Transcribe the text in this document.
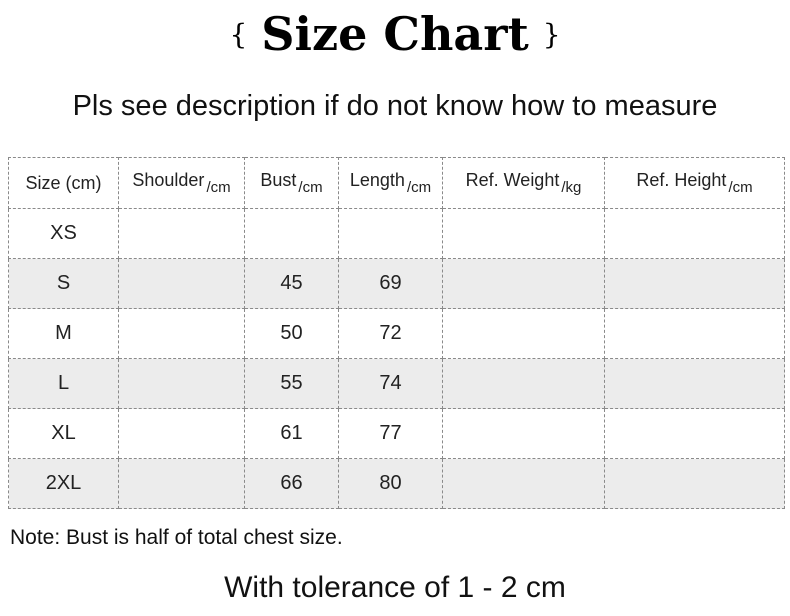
{ Size Chart }
Pls see description if do not know how to measure
Size (cm)	Shoulder $_{/cm}$	Bust $_{/cm}$	Length $_{/cm}$	Ref. Weight $_{/kg}$	Ref. Height $_{/cm}$
XS					
S		45	69		
M		50	72		
L		55	74		
XL		61	77		
2XL		66	80		
Note: Bust is half of total chest size.
With tolerance of 1 - 2 cm
